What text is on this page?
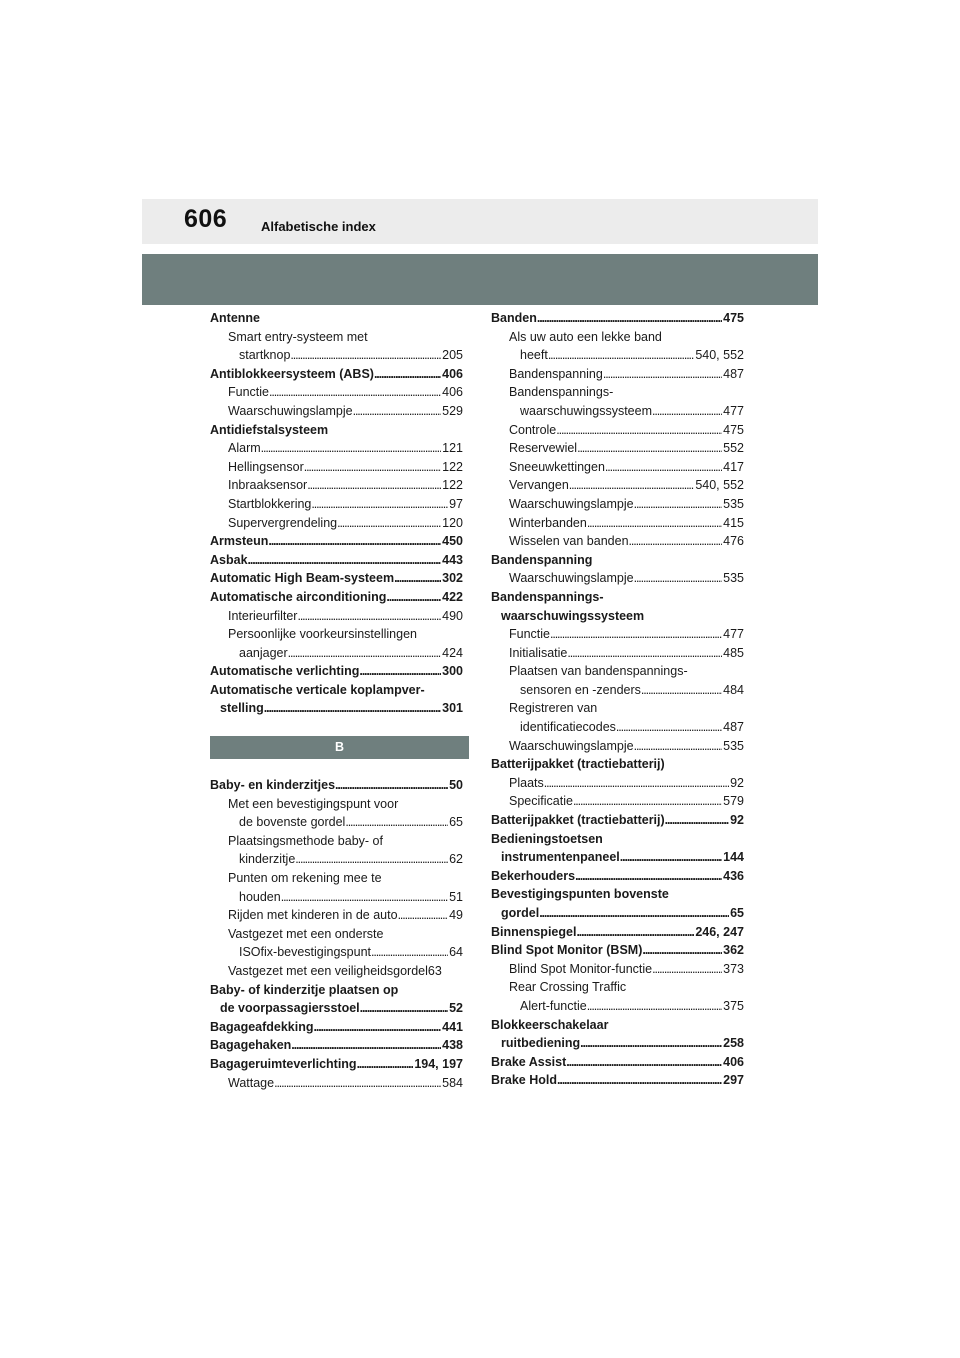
606	Alfabetische index
Antenne
Smart entry-systeem met
startknop . . .	205
Antiblokkeersysteem (ABS) . . .	406
Functie . . .	406
Waarschuwingslampje . . .	529
Antidiefstalsysteem
Alarm . . .	121
Hellingsensor . . .	122
Inbraaksensor . . .	122
Startblokkering . . .	97
Supervergrendeling . . .	120
Armsteun . . .	450
Asbak . . .	443
Automatic High Beam-systeem . . .	302
Automatische airconditioning . . .	422
Interieurfilter . . .	490
Persoonlijke voorkeursinstellingen
aanjager . . .	424
Automatische verlichting . . .	300
Automatische verticale koplampver-
stelling . . .	301
B
Baby- en kinderzitjes . . .	50
Met een bevestigingspunt voor
de bovenste gordel . . .	65
Plaatsingsmethode baby- of
kinderzitje . . .	62
Punten om rekening mee te
houden . . .	51
Rijden met kinderen in de auto . . .	49
Vastgezet met een onderste
ISOfix-bevestigingspunt . . .	64
Vastgezet met een veiligheidsgordel63
Baby- of kinderzitje plaatsen op
de voorpassagiersstoel . . .	52
Bagageafdekking . . .	441
Bagagehaken . . .	438
Bagageruimteverlichting . . .	194, 197
Wattage . . .	584
Banden . . .	475
Als uw auto een lekke band
heeft . . .	540, 552
Bandenspanning . . .	487
Bandenspannings-
waarschuwingssysteem . . .	477
Controle . . .	475
Reservewiel . . .	552
Sneeuwkettingen . . .	417
Vervangen . . .	540, 552
Waarschuwingslampje . . .	535
Winterbanden . . .	415
Wisselen van banden . . .	476
Bandenspanning
Waarschuwingslampje . . .	535
Bandenspannings-
waarschuwingssysteem
Functie . . .	477
Initialisatie . . .	485
Plaatsen van bandenspannings-
sensoren en -zenders . . .	484
Registreren van
identificatiecodes . . .	487
Waarschuwingslampje . . .	535
Batterijpakket (tractiebatterij)
Plaats . . .	92
Specificatie . . .	579
Batterijpakket (tractiebatterij) . . .	92
Bedieningstoetsen
instrumentenpaneel . . .	144
Bekerhouders . . .	436
Bevestigingspunten bovenste
gordel . . .	65
Binnenspiegel . . .	246, 247
Blind Spot Monitor (BSM) . . .	362
Blind Spot Monitor-functie . . .	373
Rear Crossing Traffic
Alert-functie . . .	375
Blokkeerschakelaar
ruitbediening . . .	258
Brake Assist . . .	406
Brake Hold . . .	297
